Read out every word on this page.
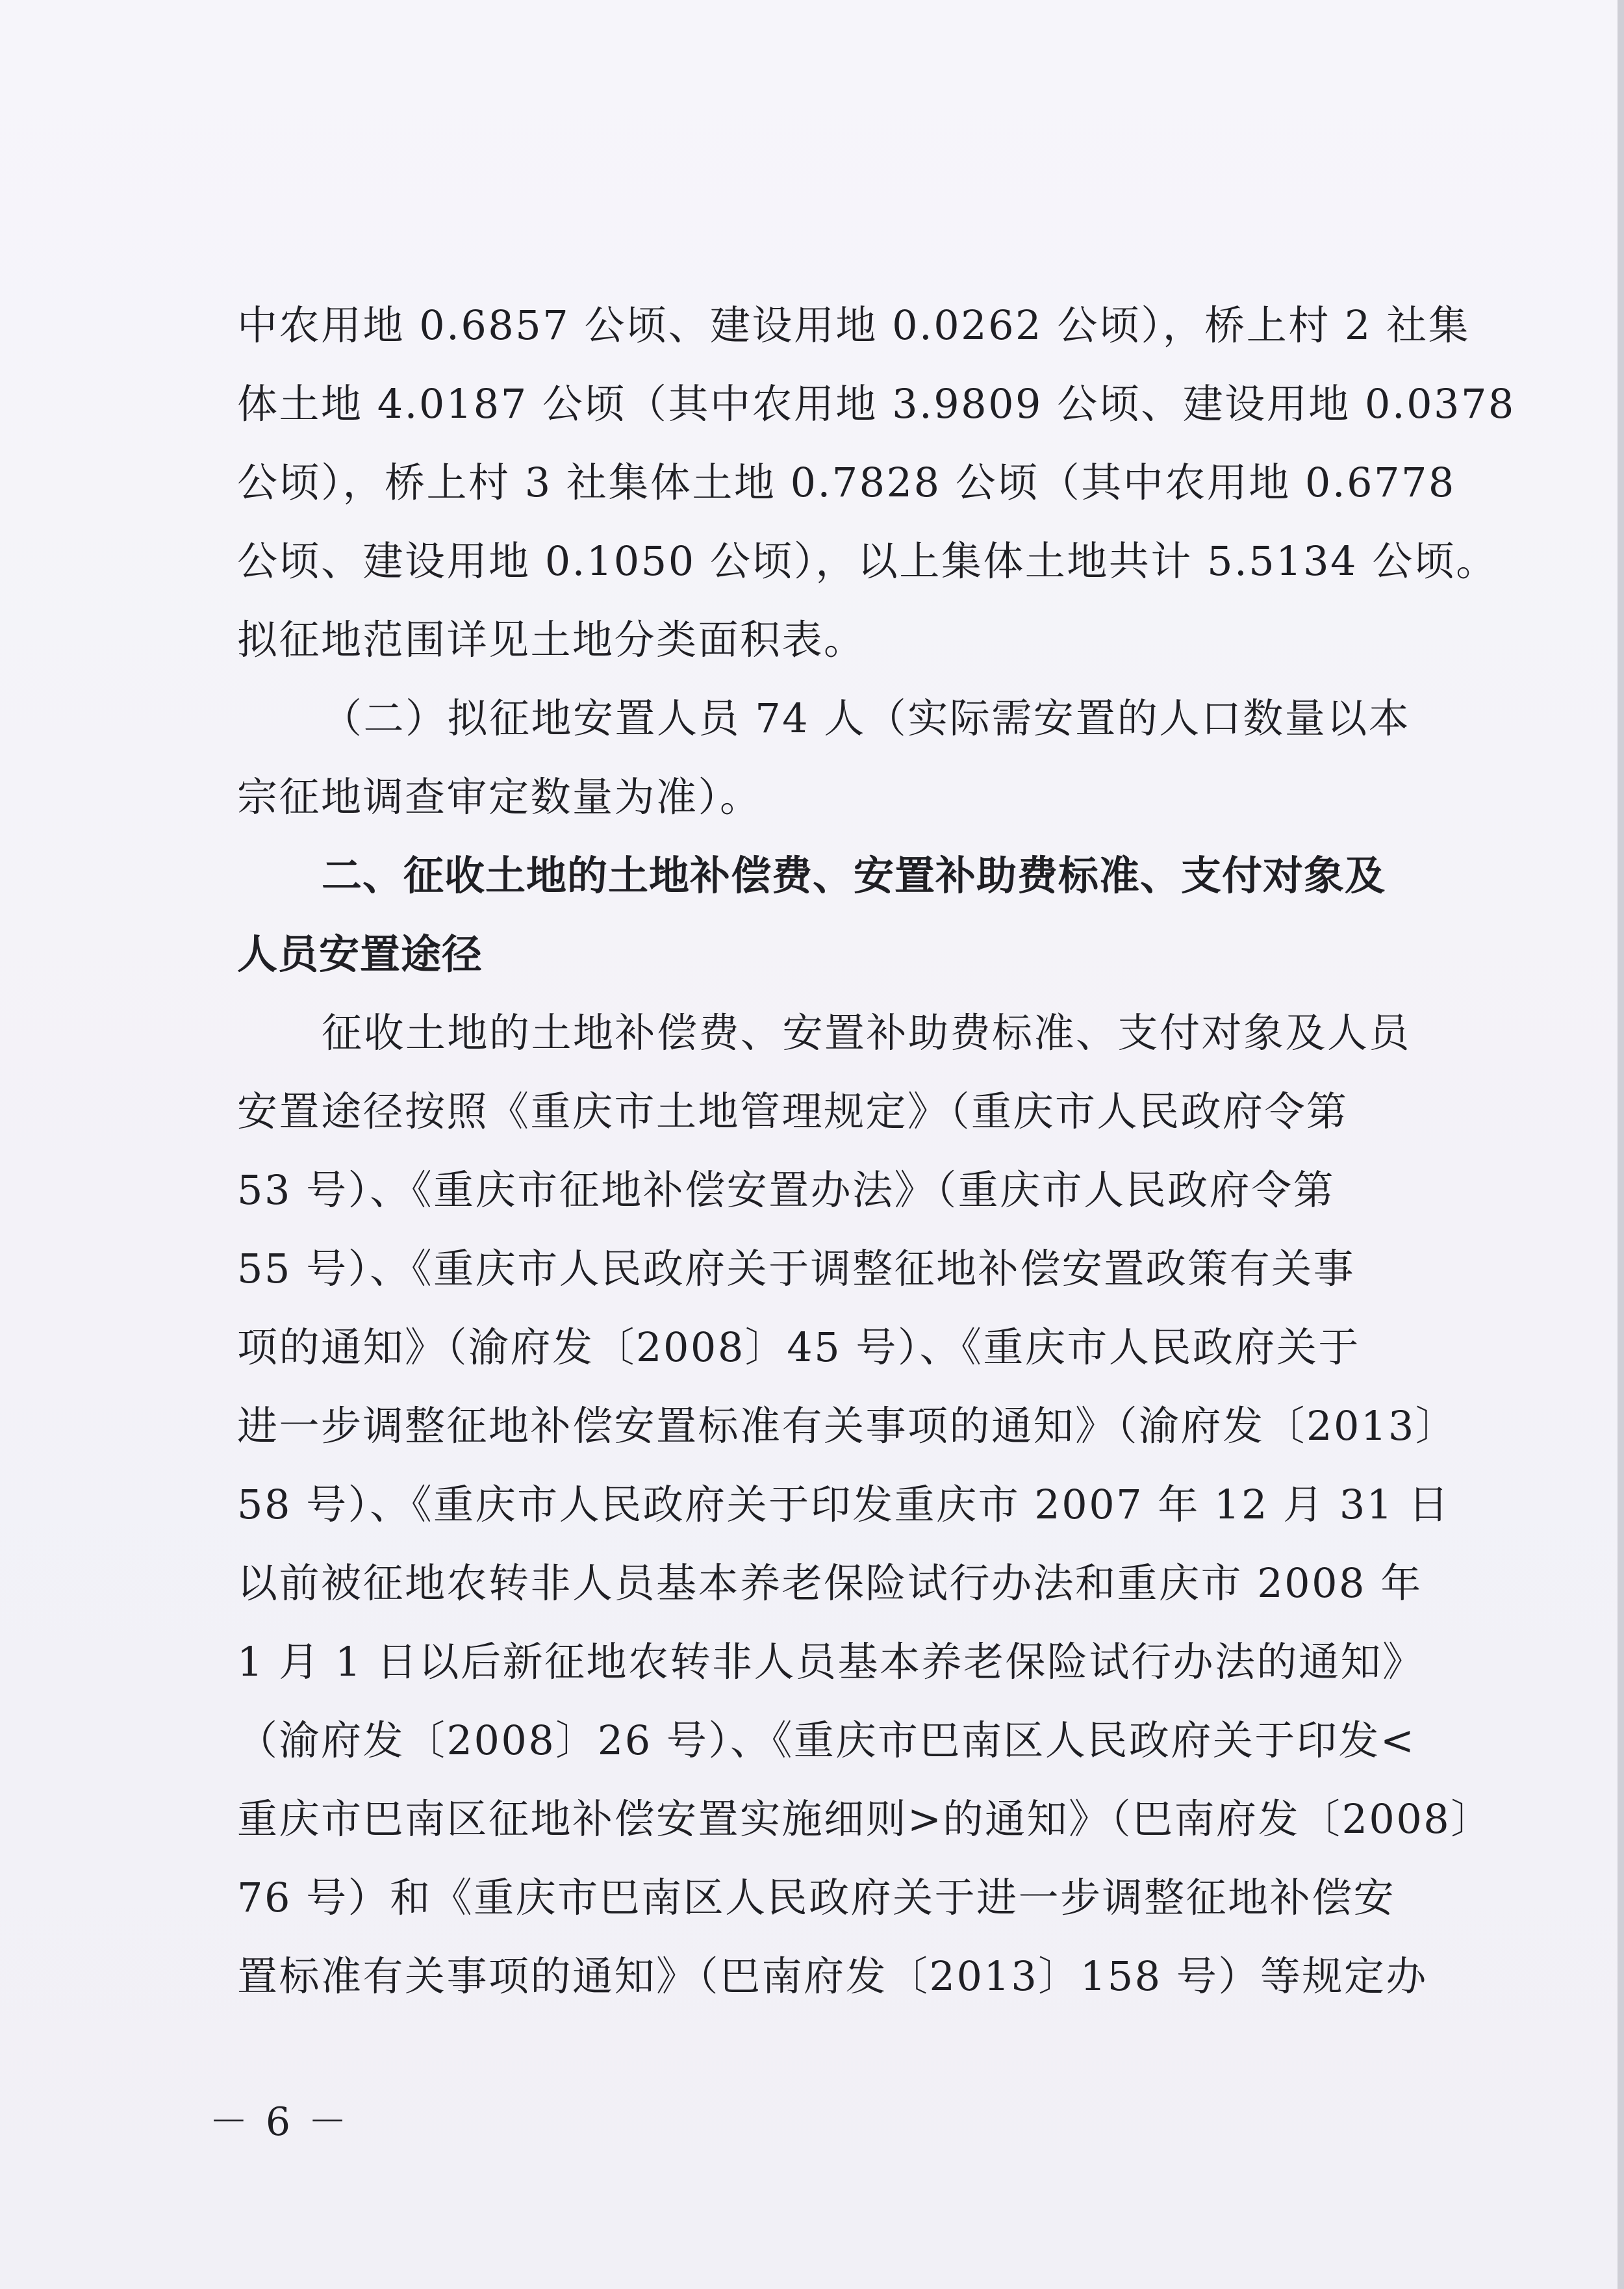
中农用地 0.6857 公顷、建设用地 0.0262 公顷），桥上村 2 社集
体土地 4.0187 公顷（其中农用地 3.9809 公顷、建设用地 0.0378
公顷），桥上村 3 社集体土地 0.7828 公顷（其中农用地 0.6778
公顷、建设用地 0.1050 公顷），以上集体土地共计 5.5134 公顷。
拟征地范围详见土地分类面积表。
（二）拟征地安置人员 74 人（实际需安置的人口数量以本
宗征地调查审定数量为准）。
二、征收土地的土地补偿费、安置补助费标准、支付对象及
人员安置途径
征收土地的土地补偿费、安置补助费标准、支付对象及人员
安置途径按照《重庆市土地管理规定》（重庆市人民政府令第
53 号）、《重庆市征地补偿安置办法》（重庆市人民政府令第
55 号）、《重庆市人民政府关于调整征地补偿安置政策有关事
项的通知》（渝府发〔2008〕45 号）、《重庆市人民政府关于
进一步调整征地补偿安置标准有关事项的通知》（渝府发〔2013〕
58 号）、《重庆市人民政府关于印发重庆市 2007 年 12 月 31 日
以前被征地农转非人员基本养老保险试行办法和重庆市 2008 年
1 月 1 日以后新征地农转非人员基本养老保险试行办法的通知》
（渝府发〔2008〕26 号）、《重庆市巴南区人民政府关于印发<
重庆市巴南区征地补偿安置实施细则>的通知》（巴南府发〔2008〕
76 号）和《重庆市巴南区人民政府关于进一步调整征地补偿安
置标准有关事项的通知》（巴南府发〔2013〕158 号）等规定办
－ 6 －
